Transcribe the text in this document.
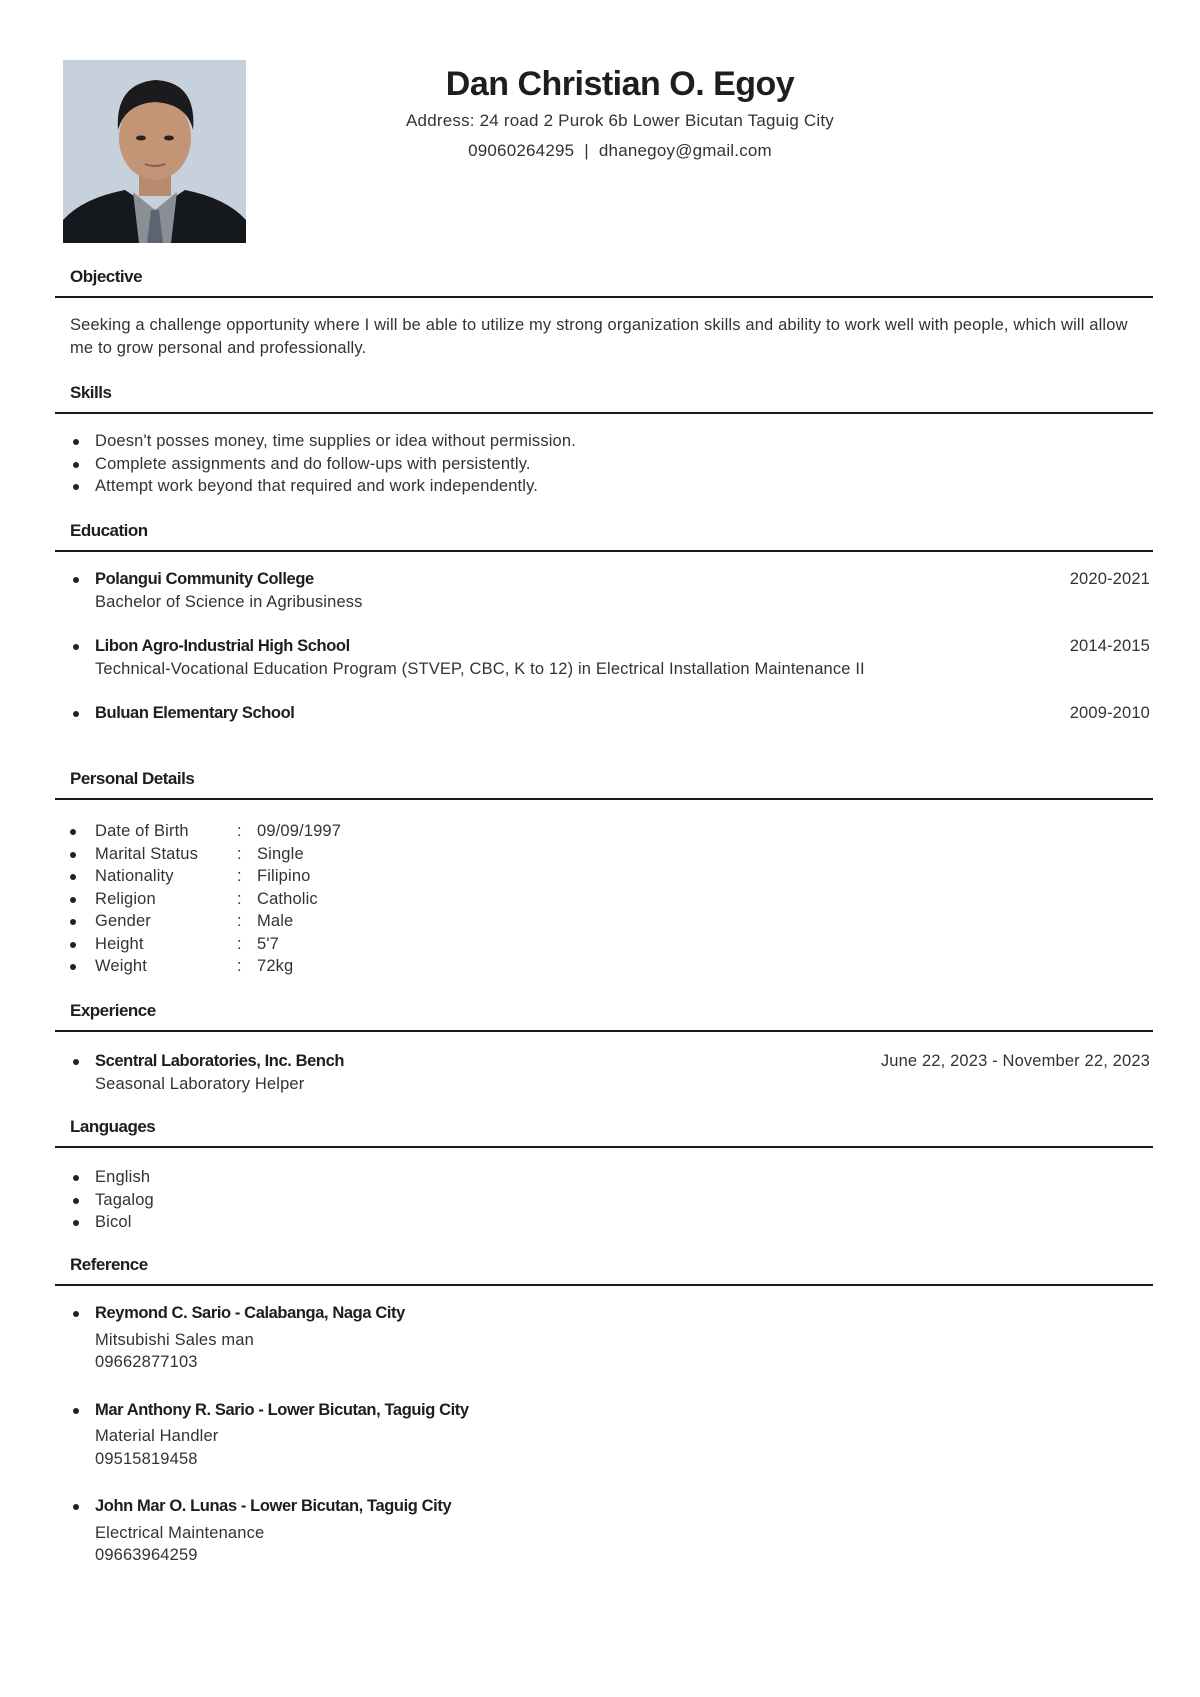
Dan Christian O. Egoy
Address: 24 road 2 Purok 6b Lower Bicutan Taguig City
09060264295 | dhanegoy@gmail.com
Objective
Seeking a challenge opportunity where I will be able to utilize my strong organization skills and ability to work well with people, which will allow me to grow personal and professionally.
Skills
Doesn't posses money, time supplies or idea without permission.
Complete assignments and do follow-ups with persistently.
Attempt work beyond that required and work independently.
Education
Polangui Community College	2020-2021
Bachelor of Science in Agribusiness
Libon Agro-Industrial High School	2014-2015
Technical-Vocational Education Program (STVEP, CBC, K to 12) in Electrical Installation Maintenance II
Buluan Elementary School	2009-2010
Personal Details
Date of Birth	: 09/09/1997
Marital Status : Single
Nationality	: Filipino
Religion	: Catholic
Gender	: Male
Height	: 5'7
Weight	: 72kg
Experience
Scentral Laboratories, Inc. Bench	June 22, 2023 - November 22, 2023
Seasonal Laboratory Helper
Languages
English
Tagalog
Bicol
Reference
Reymond C. Sario - Calabanga, Naga City
Mitsubishi Sales man
09662877103
Mar Anthony R. Sario - Lower Bicutan, Taguig City
Material Handler
09515819458
John Mar O. Lunas - Lower Bicutan, Taguig City
Electrical Maintenance
09663964259
